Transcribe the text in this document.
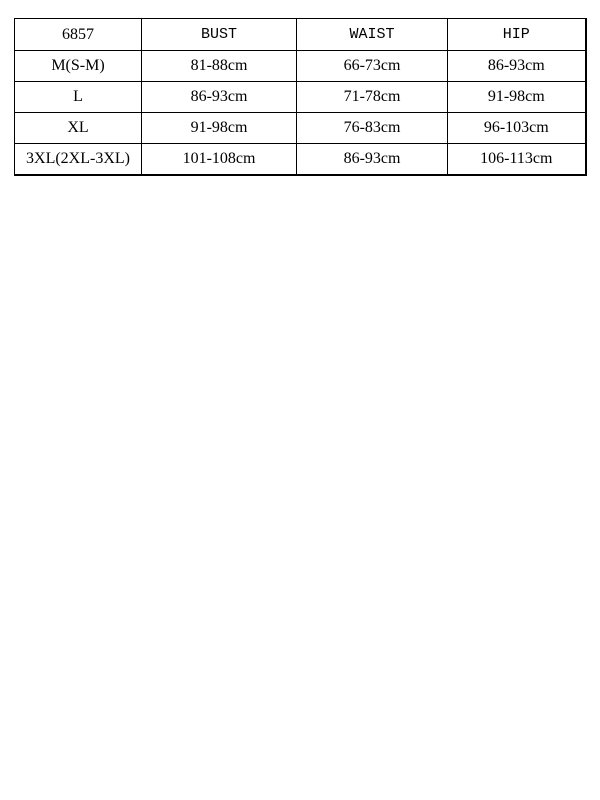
6857	BUST	WAIST	HIP
M(S-M)	81-88cm	66-73cm	86-93cm
L	86-93cm	71-78cm	91-98cm
XL	91-98cm	76-83cm	96-103cm
3XL(2XL-3XL)	101-108cm	86-93cm	106-113cm
